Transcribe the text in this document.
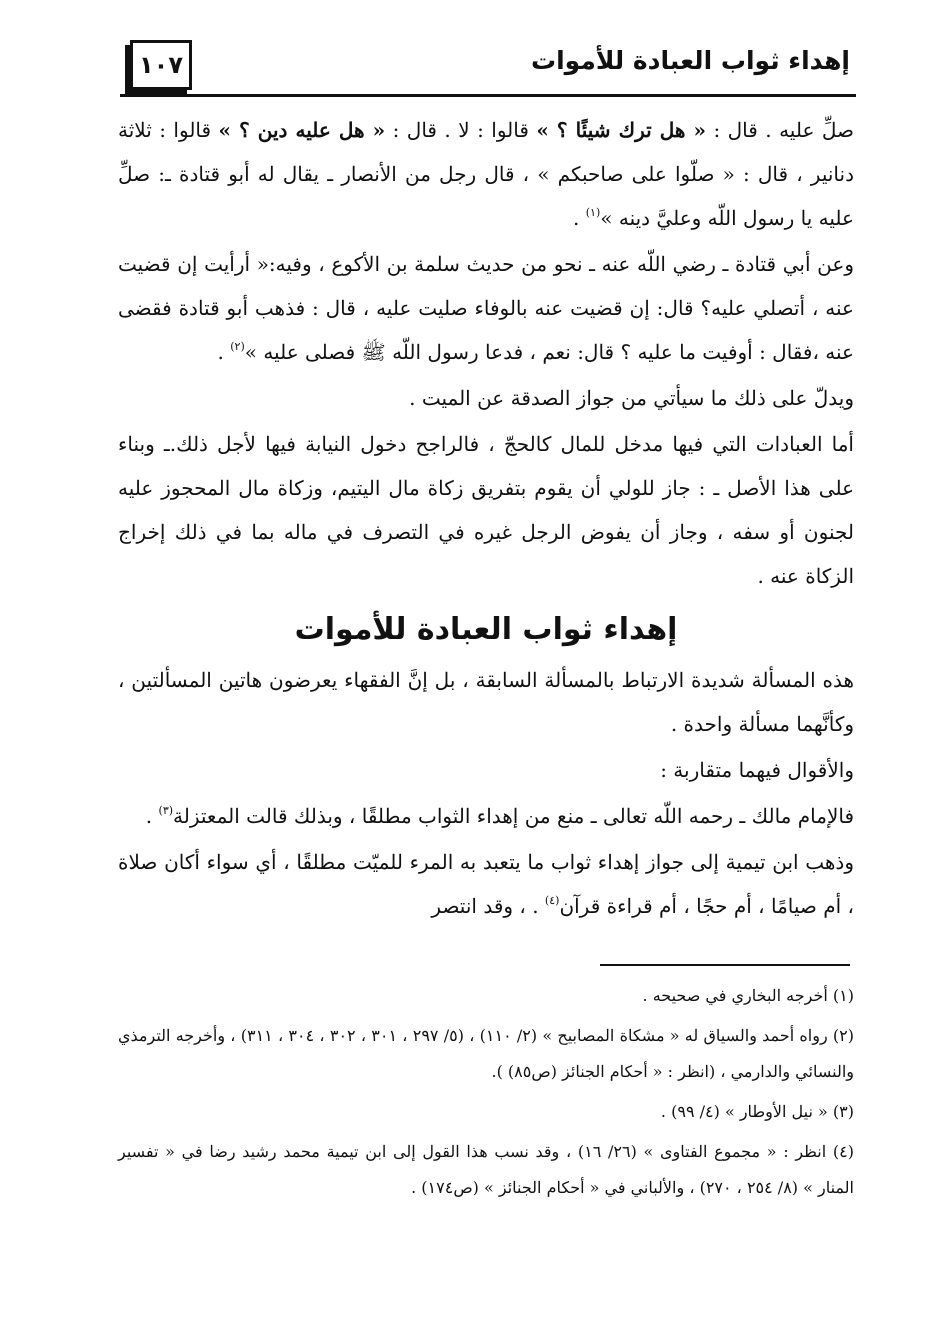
إهداء ثواب العبادة للأموات
١٠٧

صلِّ عليه . قال : « هل ترك شيئًا ؟ » قالوا : لا . قال : « هل عليه دين ؟ » قالوا : ثلاثة دنانير ، قال : « صلّوا على صاحبكم » ، قال رجل من الأنصار ـ يقال له أبو قتادة ـ: صلِّ عليه يا رسول اللّه وعليَّ دينه »$^{(١)}$ .

وعن أبي قتادة ـ رضي اللّه عنه ـ نحو من حديث سلمة بن الأكوع ، وفيه:« أرأيت إن قضيت عنه ، أتصلي عليه؟ قال: إن قضيت عنه بالوفاء صليت عليه ، قال : فذهب أبو قتادة فقضى عنه ،فقال : أوفيت ما عليه ؟ قال: نعم ، فدعا رسول اللّه ﷺ فصلى عليه »$^{(٢)}$ .

ويدلّ على ذلك ما سيأتي من جواز الصدقة عن الميت .

أما العبادات التي فيها مدخل للمال كالحجّ ، فالراجح دخول النيابة فيها لأجل ذلك.ـ وبناء على هذا الأصل ـ : جاز للولي أن يقوم بتفريق زكاة مال اليتيم، وزكاة مال المحجوز عليه لجنون أو سفه ، وجاز أن يفوض الرجل غيره في التصرف في ماله بما في ذلك إخراج الزكاة عنه .

إهداء ثواب العبادة للأموات

هذه المسألة شديدة الارتباط بالمسألة السابقة ، بل إنَّ الفقهاء يعرضون هاتين المسألتين ، وكأنَّهما مسألة واحدة .

والأقوال فيهما متقاربة :

فالإمام مالك ـ رحمه اللّه تعالى ـ منع من إهداء الثواب مطلقًا ، وبذلك قالت المعتزلة$^{(٣)}$ .

وذهب ابن تيمية إلى جواز إهداء ثواب ما يتعبد به المرء للميّت مطلقًا ، أي سواء أكان صلاة ، أم صيامًا ، أم حجًا ، أم قراءة قرآن$^{(٤)}$ . ، وقد انتصر

(١) أخرجه البخاري في صحيحه .
(٢) رواه أحمد والسياق له « مشكاة المصابيح » (٢/ ١١٠) ، (٥/ ٢٩٧ ، ٣٠١ ، ٣٠٢ ، ٣٠٤ ، ٣١١) ، وأخرجه الترمذي والنسائي والدارمي ، (انظر : « أحكام الجنائز (ص٨٥) ).
(٣) « نيل الأوطار » (٤/ ٩٩) .
(٤) انظر : « مجموع الفتاوى » (٢٦/ ١٦) ، وقد نسب هذا القول إلى ابن تيمية محمد رشيد رضا في « تفسير المنار » (٨/ ٢٥٤ ، ٢٧٠) ، والألباني في « أحكام الجنائز » (ص١٧٤) .
